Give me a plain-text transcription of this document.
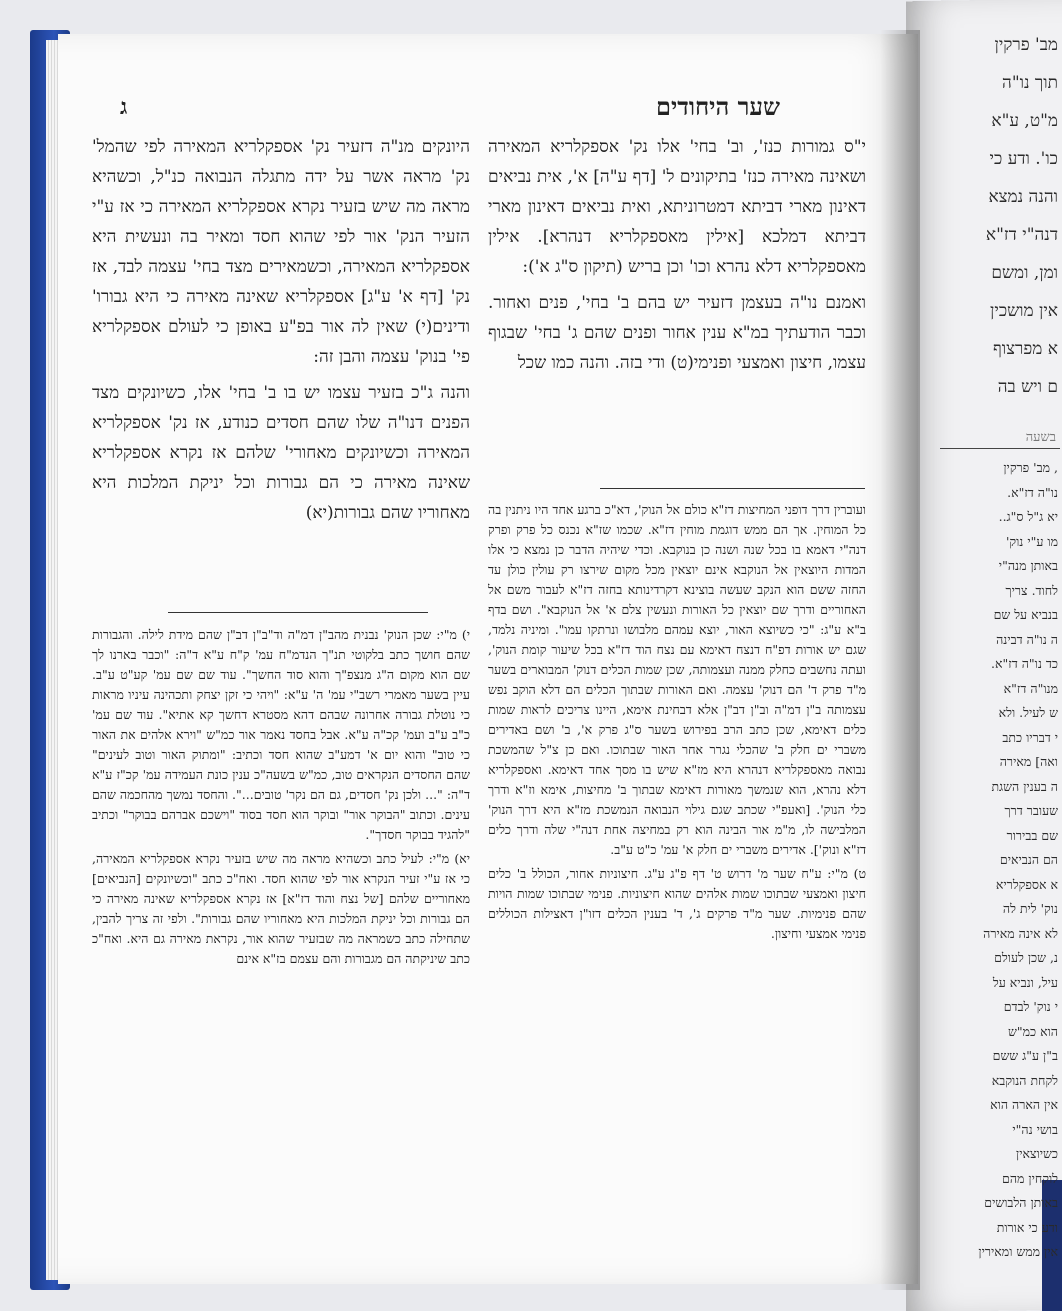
ג	שער היחודים

י"ס גמורות כנז', וב' בחי' אלו נק' אספקלריא המאירה ושאינה מאירה כנז' בתיקונים ל' [דף ע"ה] א', אית נביאים דאינון מארי דביתא דמטרוניתא, ואית נביאים דאינון מארי דביתא דמלכא [אילין מאספקלריא דנהרא]. אילין מאספקלריא דלא נהרא וכו' וכן בריש (תיקון ס"ג א'):

ואמנם נו"ה בעצמן דזעיר יש בהם ב' בחי', פנים ואחור. וכבר הודעתיך במ"א ענין אחור ופנים שהם ג' בחי' שבגוף עצמו, חיצון ואמצעי ופנימי(ט) ודי בזה. והנה כמו שכל

היונקים מנ"ה דזעיר נק' אספקלריא המאירה לפי שהמל' נק' מראה אשר על ידה מתגלה הנבואה כנ"ל, וכשהיא מראה מה שיש בזעיר נקרא אספקלריא המאירה כי אז ע"י הזעיר הנק' אור לפי שהוא חסד ומאיר בה ונעשית היא אספקלריא המאירה, וכשמאירים מצד בחי' עצמה לבד, אז נק' [דף א' ע"ג] אספקלריא שאינה מאירה כי היא גבורו' ודינים(י) שאין לה אור בפ"ע באופן כי לעולם אספקלריא פי' בנוק' עצמה והבן זה:

והנה ג"כ בזעיר עצמו יש בו ב' בחי' אלו, כשיונקים מצד הפנים דנו"ה שלו שהם חסדים כנודע, אז נק' אספקלריא המאירה וכשיונקים מאחורי' שלהם אז נקרא אספקלריא שאינה מאירה כי הם גבורות וכל יניקת המלכות היא מאחוריו שהם גבורות(יא) ועוברין דרך דופני המחיצות דז"א כולם אל הנוק', דא"כ ברגע אחד היו ניתנין בה כל המוחין. אך הם ממש דוגמת מוחין דז"א. שכמו שז"א נכנס כל פרק ופרק דנה"י דאמא בו בכל שנה ושנה כן בנוקבא. וכדי שיהיה הדבר כן נמצא כי אלו המדות היוצאין אל הנוקבא אינם יוצאין מכל מקום שירצו רק עולין כולן עד החזה ששם הוא הנקב שעשה בוצינא דקרדינותא בחזה דז"א לעבור משם אל האחוריים ודרך שם יוצאין כל האורות ונעשין צלם א' אל הנוקבא". ושם בדף ב"א ע"ג: "כי כשיוצא האור, יוצא עמהם מלבושו ונרתקו עמו". ומיניה נלמד, שגם יש אורות דפ"ח דנצח דאימא עם נצח הוד דז"א בכל שיעור קומת הנוק', ועתה נחשבים כחלק ממנה ועצמותה, שכן שמות הכלים דנוק' המבוארים בשער מ"ד פרק ד' הם דנוק' עצמה. ואם האורות שבתוך הכלים הם דלא הוקב נפש עצמותה ב"ן דמ"ה וב"ן דב"ן אלא דבחינת אימא, היינו צריכים לראות שמות כלים דאימא, שכן כתב הרב בפירוש בשער ס"ג פרק א', ב' ושם באדירים משברי ים חלק ב' שהכלי נגרר אחר האור שבתוכו. ואם כן צ"ל שהמשכת נבואה מאספקלריא דנהרא היא מז"א שיש בו מסך אחד דאימא. ואספקלריא דלא נהרא, הוא שנמשך מאורות דאימא שבתוך ב' מחיצות, אימא וז"א ודרך כלי הנוק'. [ואעפ"י שכתב שגם גילוי הנבואה הנמשכת מז"א היא דרך הנוק' המלבישה לו, מ"מ אור הבינה הוא רק במחיצה אחת דנה"י שלה ודרך כלים דז"א ונוק']. אדירים משברי ים חלק א' עמ' כ"ט ע"ב.

ט) מ"י: ע"ח שער מ' דרוש ט' דף פ"ג ע"ג. חיצוניות אחור, הכולל ב' כלים חיצון ואמצעי שבתוכו שמות אלהים שהוא חיצוניות. פנימי שבתוכו שמות הויות שהם פנימיות. שער מ"ד פרקים ג', ד' בענין הכלים דזו"ן דאצילות הכוללים פנימי אמצעי וחיצון.

י) מ"י: שכן הנוק' נבנית מהב"ן דמ"ה וד"ב"ן דב"ן שהם מידת לילה. והגבורות שהם חושך כתב בלקוטי תנ"ך הנדמ"ח עמ' ק"ח ע"א ד"ה: "וכבר בארנו לך שם הוא מקום ה"ג מנצפ"ך והוא סוד החשך". עוד שם שם עמ' קע"ט ע"ב. עיין בשער מאמרי רשב"י עמ' ה' ע"א: "ויהי כי זקן יצחק ותכהינה עיניו מראות כי נוטלת גבורה אחרונה שבהם דהא מסטרא דחשך קא אתיא". עוד שם עמ' כ"ב ע"ב ועמ' קכ"ה ע"א. אבל בחסד נאמר אור כמ"ש "וירא אלהים את האור כי טוב" והוא יום א' דמע"ב שהוא חסד וכתיב: "ומתוק האור וטוב לעינים" שהם החסדים הנקראים טוב, כמ"ש בשעה"כ ענין כונת העמידה עמ' קכ"ז ע"א ד"ה: "... ולכן נק' חסדים, גם הם נקר' טובים...". והחסד נמשך מהחכמה שהם עינים. וכתוב "הבוקר אור" ובוקר הוא חסד בסוד "וישכם אברהם בבוקר" וכתיב "להגיד בבוקר חסדך".

יא) מ"י: לעיל כתב וכשהיא מראה מה שיש בזעיר נקרא אספקלריא המאירה, כי אז ע"י זעיר הנקרא אור לפי שהוא חסד. ואח"כ כתב "וכשיונקים [הנביאים] מאחוריים שלהם [של נצח והוד דז"א] אז נקרא אספקלריא שאינה מאירה כי הם גבורות וכל יניקת המלכות היא מאחוריו שהם גבורות". ולפי זה צריך להבין, שתחילה כתב כשמראה מה שבזעיר שהוא אור, נקראת מאירה גם היא. ואח"כ כתב שיניקתה הם מגבורות והם עצמם בז"א אינם

מב' פרקין
תוך נו"ה
מ"ט, ע"א
כו'. ודע כי
והנה נמצא
דנה"י דז"א
ומן, ומשם
אין מושכין
א מפרצוף
ם ויש בה
בשעה
, מב' פרקין
נו"ה דז"א.
יא ג"ל ס"ג..
מו ע"י נוק'
באותן מנה"י
לחוד. צריך
בנביא על שם
ה נו"ה דבינה
כד נו"ה דז"א.
מנו"ה דז"א
ש לעיל. ולא
י דבריו כתב
ואה] מאירה
ה בענין השגת
שעובר דרך
שם בבירור
הם הנביאים
א אספקלריא
נוק' לית לה
לא אינה מאירה
נ, שכן לעולם
עיל, ונביא על
י נוק' לבדם
הוא כמ"ש
ב"ן ע"ג ששם
לקחת הנוקבא
אין הארה הוא
בושי נה"י
כשיוצאין
לוקחין מהם
באותן הלבושים
ודע כי אורות
אין ממש ומאירין
